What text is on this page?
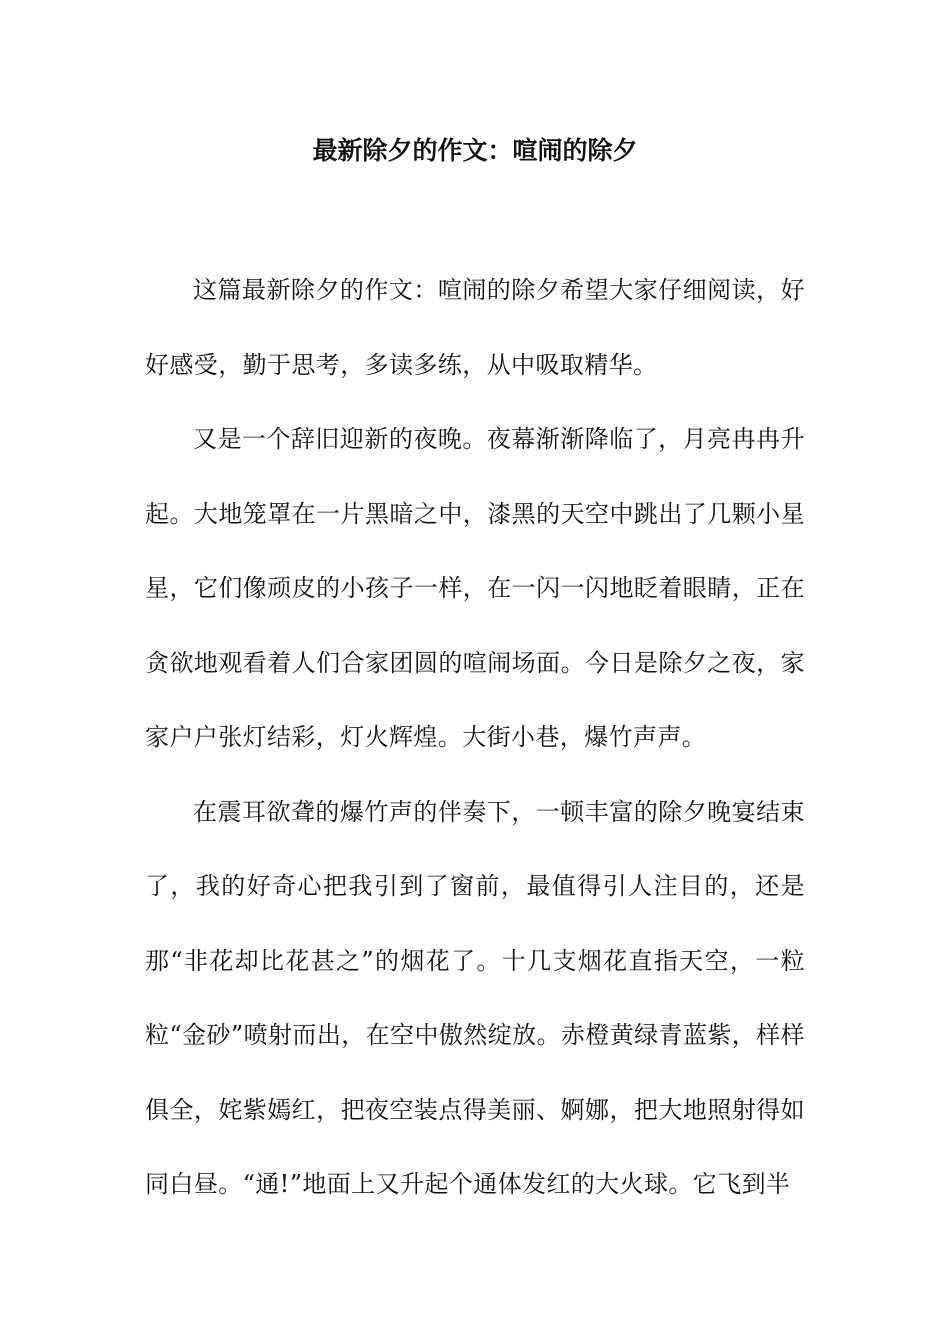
最新除夕的作文：喧闹的除夕

这篇最新除夕的作文：喧闹的除夕希望大家仔细阅读，好好感受，勤于思考，多读多练，从中吸取精华。

又是一个辞旧迎新的夜晚。夜幕渐渐降临了，月亮冉冉升起。大地笼罩在一片黑暗之中，漆黑的天空中跳出了几颗小星星，它们像顽皮的小孩子一样，在一闪一闪地眨着眼睛，正在贪欲地观看着人们合家团圆的喧闹场面。今日是除夕之夜，家家户户张灯结彩，灯火辉煌。大街小巷，爆竹声声。

在震耳欲聋的爆竹声的伴奏下，一顿丰富的除夕晚宴结束了，我的好奇心把我引到了窗前，最值得引人注目的，还是那“非花却比花甚之”的烟花了。十几支烟花直指天空，一粒粒“金砂”喷射而出，在空中傲然绽放。赤橙黄绿青蓝紫，样样俱全，姹紫嫣红，把夜空装点得美丽、婀娜，把大地照射得如同白昼。“通!”地面上又升起个通体发红的大火球。它飞到半
